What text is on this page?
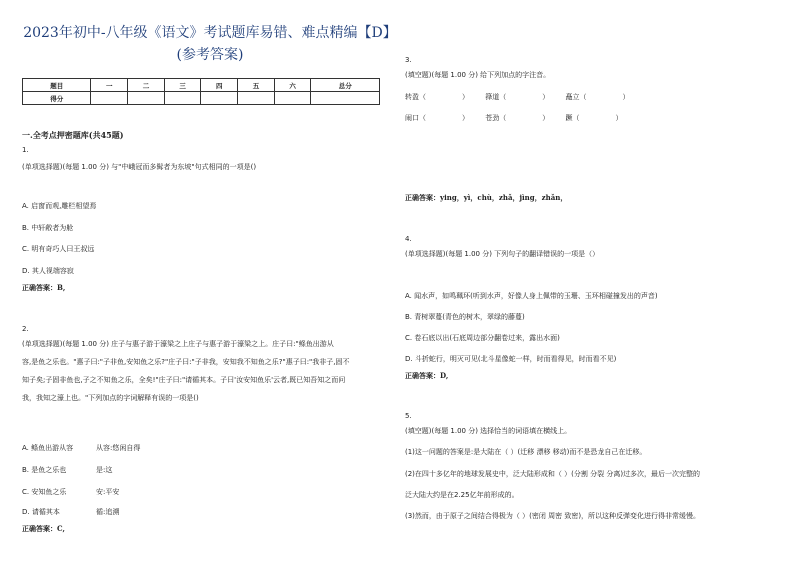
2023年初中-八年级《语文》考试题库易错、难点精编【D】(参考答案)
题目	一	二	三	四	五	六	总分
得分							
一.全考点押密题库(共45题)
1.
(单项选择题)(每题 1.00 分) 与"中峨冠而多髯者为东坡"句式相同的一项是()
A. 启窗而观,雕栏相望焉
B. 中轩敞者为舱
C. 明有奇巧人曰王叔远
D. 其人视端容寂
正确答案：B,
2.
(单项选择题)(每题 1.00 分) 庄子与惠子游于濠梁之上庄子与惠子游于濠梁之上。庄子曰:"鲦鱼出游从
容,是鱼之乐也。"惠子曰:"子非鱼,安知鱼之乐?"庄子曰:"子非我，安知我不知鱼之乐?"惠子曰:"我非子,固不
知子矣;子固非鱼也,子之不知鱼之乐，全矣!"庄子曰:"请循其本。子曰'汝安知鱼乐'云者,既已知吾知之而问
我，我知之濠上也。"下列加点的字词解释有误的一项是()
A. 鲦鱼出游从容	从容:悠闲自得
B. 是鱼之乐也	是:这
C. 安知鱼之乐	安:平安
D. 请循其本	循:追溯
正确答案：C,
3.
(填空题)(每题 1.00 分) 给下列加点的字注音。
转盈（	） 箨道（	） 矗立（	）
闹口（	） 苍劲（	） 蹶（	）
正确答案：ying，yì，chù，zhǎ，jìng，zhǎn，
4.
(单项选择题)(每题 1.00 分) 下列句子的翻译错误的一项是（）
A. 闻水声，如鸣珮环(听到水声，好像人身上佩带的玉珊、玉环相碰撞发出的声音)
B. 青树翠蔓(青色的树木，翠绿的藤蔓)
C. 卷石底以出(石底周边部分翻卷过来，露出水面)
D. 斗折蛇行，明灭可见(北斗星像蛇一样，时而看得见，时而看不见)
正确答案：D,
5.
(填空题)(每题 1.00 分) 选择恰当的词语填在横线上。
(1)这一问题的答案是:是大陆在（ ）(迁移 漂移 移动)而不是恐龙自己在迁移。
(2)在四十多亿年的地球发展史中，泛大陆形成和（ ）(分割 分裂 分离)过多次，最后一次完整的
泛大陆大约是在2.25亿年前形成的。
(3)然而，由于原子之间结合得极为（ ）(密闭 周密 致密)，所以这种反弹变化进行得非常缓慢。
